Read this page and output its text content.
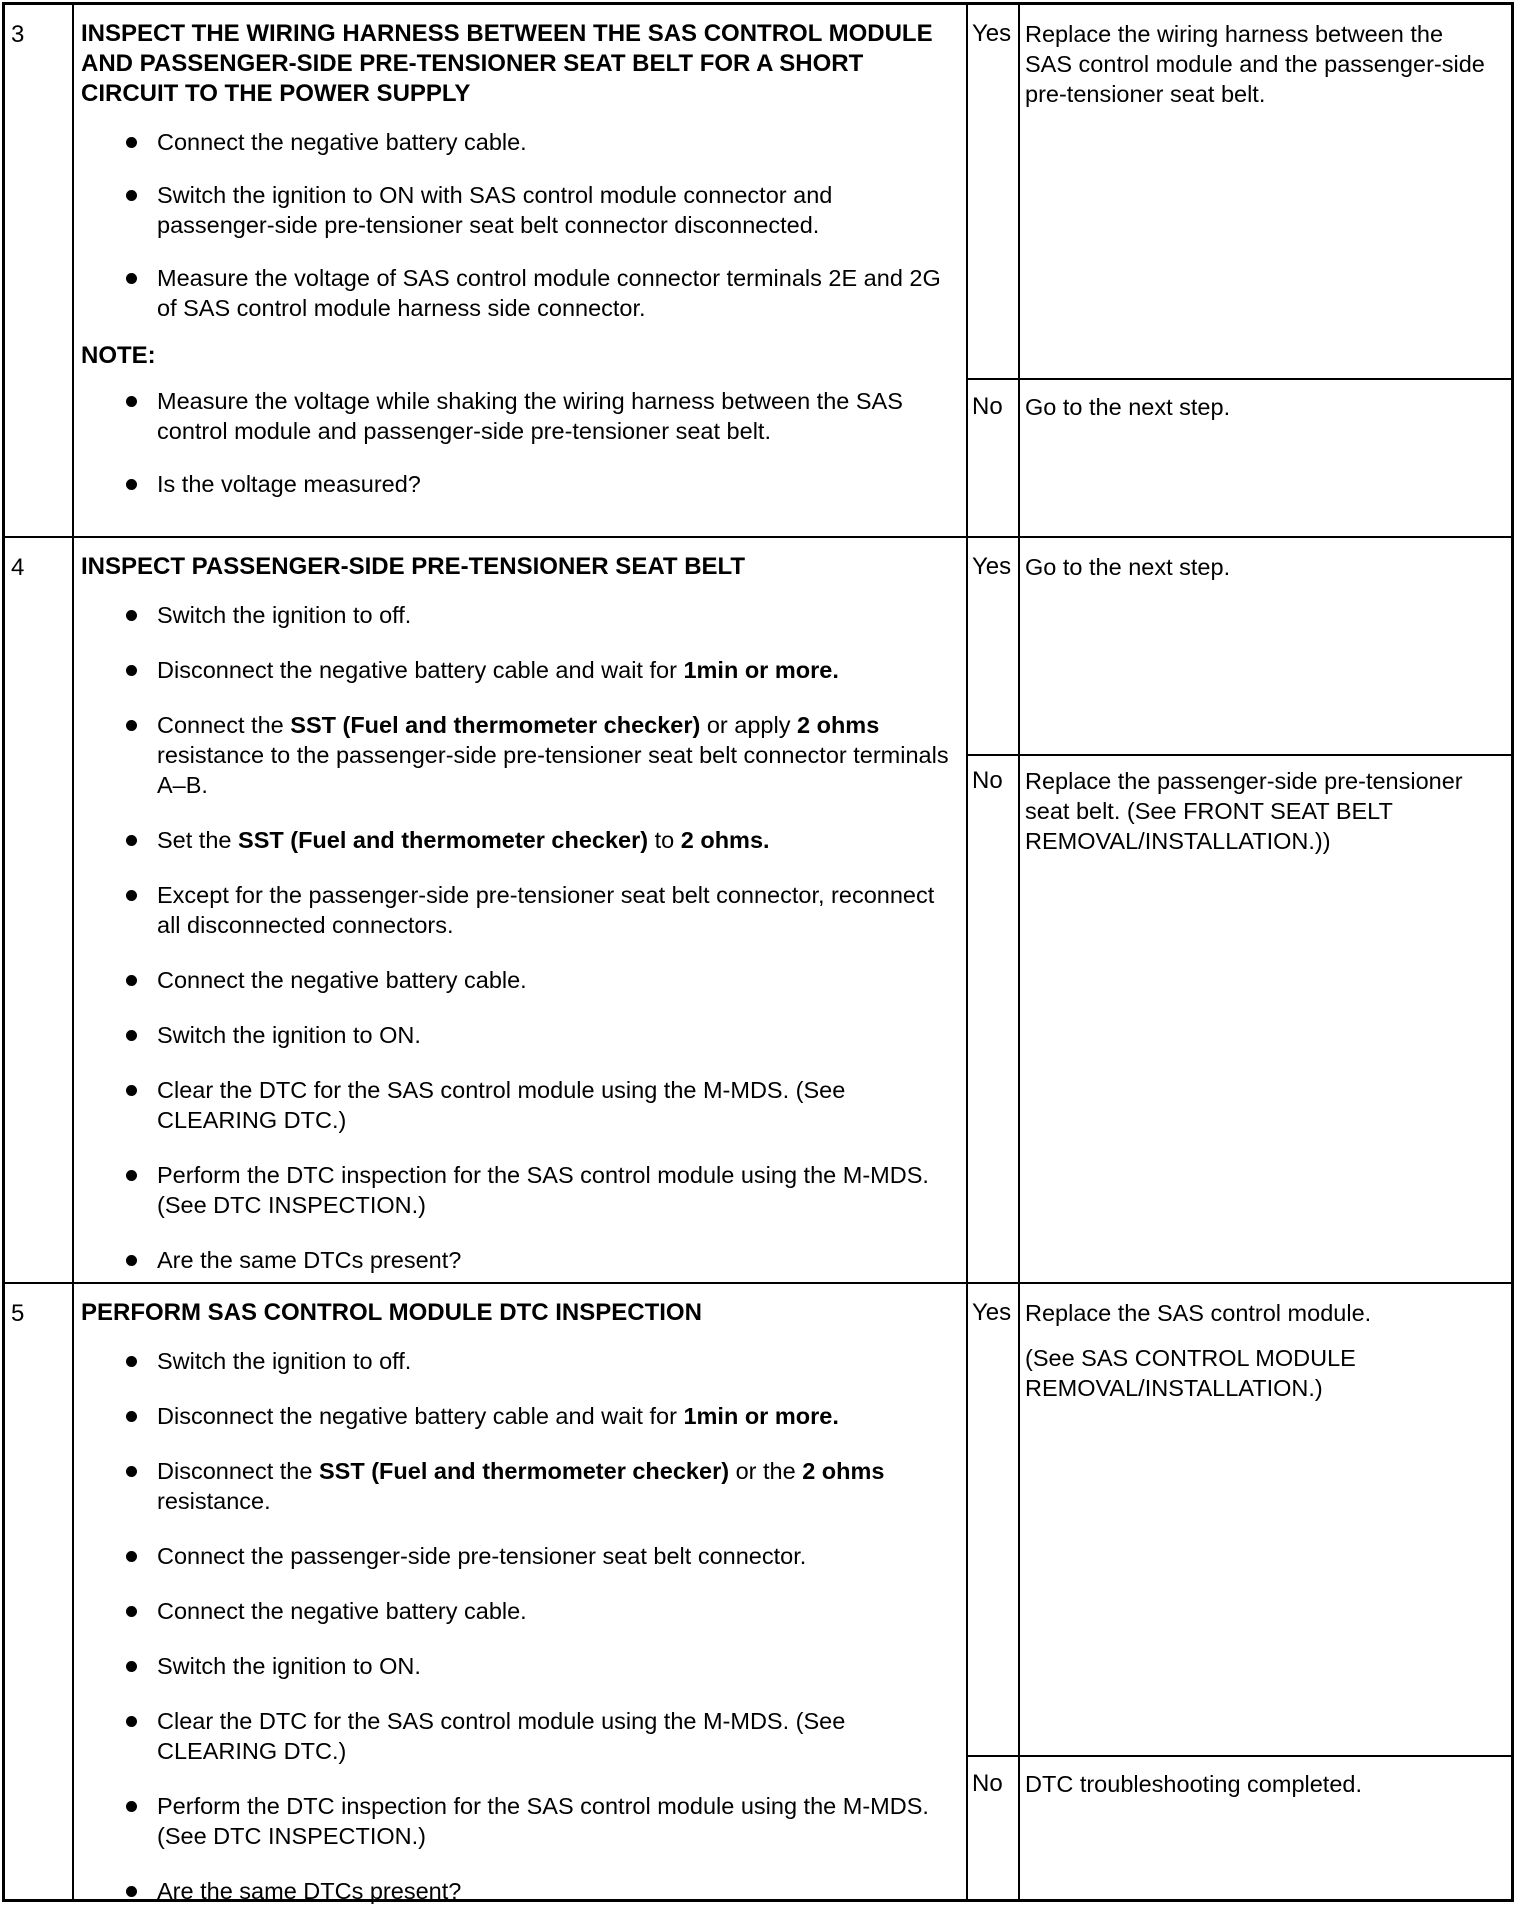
3 INSPECT THE WIRING HARNESS BETWEEN THE SAS CONTROL MODULE AND PASSENGER-SIDE PRE-TENSIONER SEAT BELT FOR A SHORT CIRCUIT TO THE POWER SUPPLY

Connect the negative battery cable.
Switch the ignition to ON with SAS control module connector and passenger-side pre-tensioner seat belt connector disconnected.
Measure the voltage of SAS control module connector terminals 2E and 2G of SAS control module harness side connector.
NOTE:
Measure the voltage while shaking the wiring harness between the SAS control module and passenger-side pre-tensioner seat belt.
Is the voltage measured?
Yes Replace the wiring harness between the SAS control module and the passenger-side pre-tensioner seat belt.
No Go to the next step.
4 INSPECT PASSENGER-SIDE PRE-TENSIONER SEAT BELT

Switch the ignition to off.
Disconnect the negative battery cable and wait for 1min or more.
Connect the SST (Fuel and thermometer checker) or apply 2 ohms resistance to the passenger-side pre-tensioner seat belt connector terminals A–B.
Set the SST (Fuel and thermometer checker) to 2 ohms.
Except for the passenger-side pre-tensioner seat belt connector, reconnect all disconnected connectors.
Connect the negative battery cable.
Switch the ignition to ON.
Clear the DTC for the SAS control module using the M-MDS. (See CLEARING DTC.)
Perform the DTC inspection for the SAS control module using the M-MDS. (See DTC INSPECTION.)
Are the same DTCs present?
Yes Go to the next step.
No Replace the passenger-side pre-tensioner seat belt. (See FRONT SEAT BELT REMOVAL/INSTALLATION.))
5 PERFORM SAS CONTROL MODULE DTC INSPECTION

Switch the ignition to off.
Disconnect the negative battery cable and wait for 1min or more.
Disconnect the SST (Fuel and thermometer checker) or the 2 ohms resistance.
Connect the passenger-side pre-tensioner seat belt connector.
Connect the negative battery cable.
Switch the ignition to ON.
Clear the DTC for the SAS control module using the M-MDS. (See CLEARING DTC.)
Perform the DTC inspection for the SAS control module using the M-MDS. (See DTC INSPECTION.)
Are the same DTCs present?
Yes Replace the SAS control module.
(See SAS CONTROL MODULE REMOVAL/INSTALLATION.)
No DTC troubleshooting completed.
